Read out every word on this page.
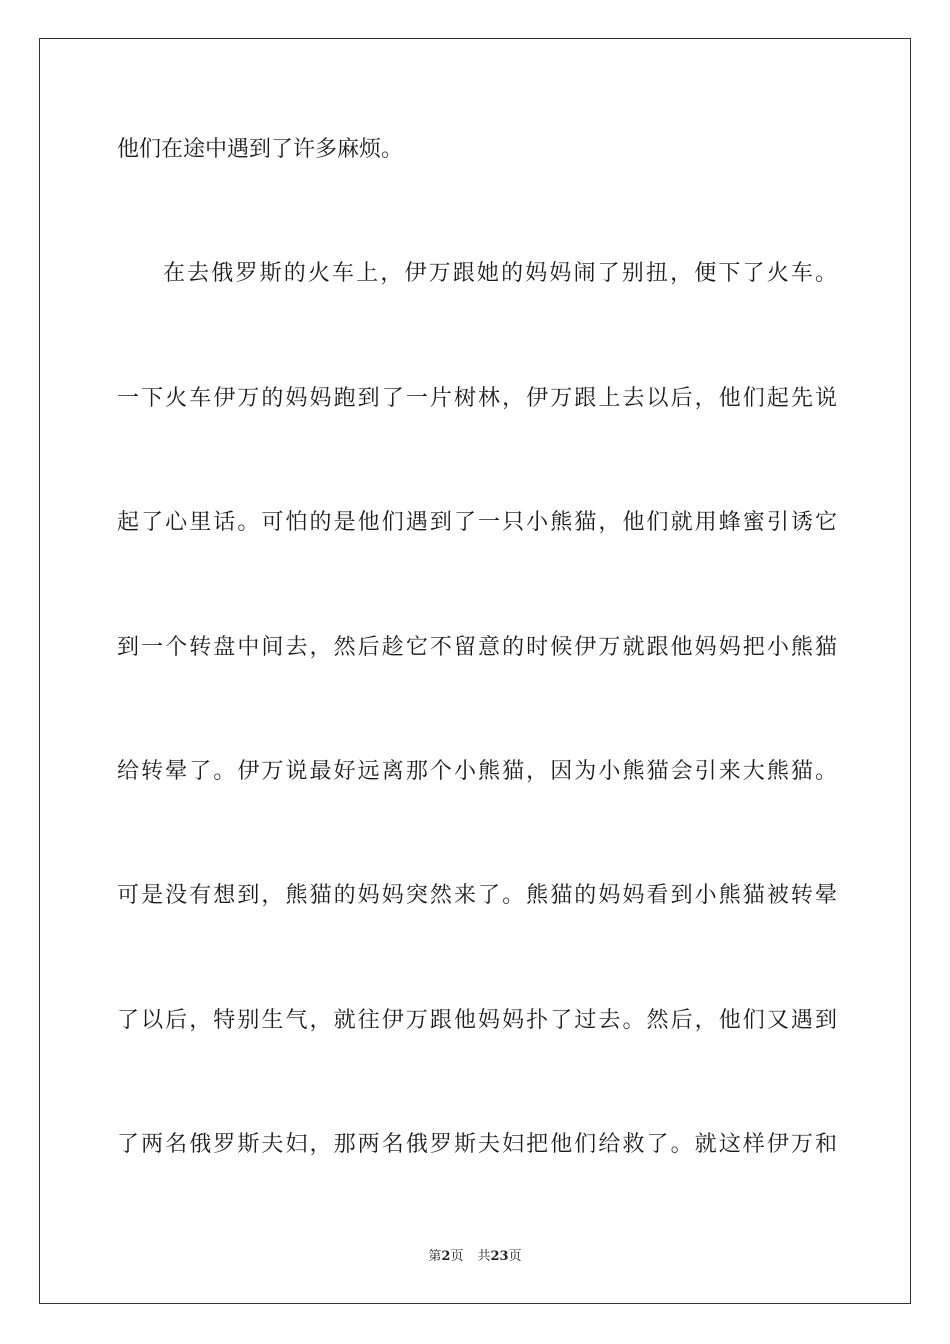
他们在途中遇到了许多麻烦。
在去俄罗斯的火车上，伊万跟她的妈妈闹了别扭，便下了火车。
一下火车伊万的妈妈跑到了一片树林，伊万跟上去以后，他们起先说
起了心里话。可怕的是他们遇到了一只小熊猫，他们就用蜂蜜引诱它
到一个转盘中间去，然后趁它不留意的时候伊万就跟他妈妈把小熊猫
给转晕了。伊万说最好远离那个小熊猫，因为小熊猫会引来大熊猫。
可是没有想到，熊猫的妈妈突然来了。熊猫的妈妈看到小熊猫被转晕
了以后，特别生气，就往伊万跟他妈妈扑了过去。然后，他们又遇到
了两名俄罗斯夫妇，那两名俄罗斯夫妇把他们给救了。就这样伊万和
第2页 共23页
